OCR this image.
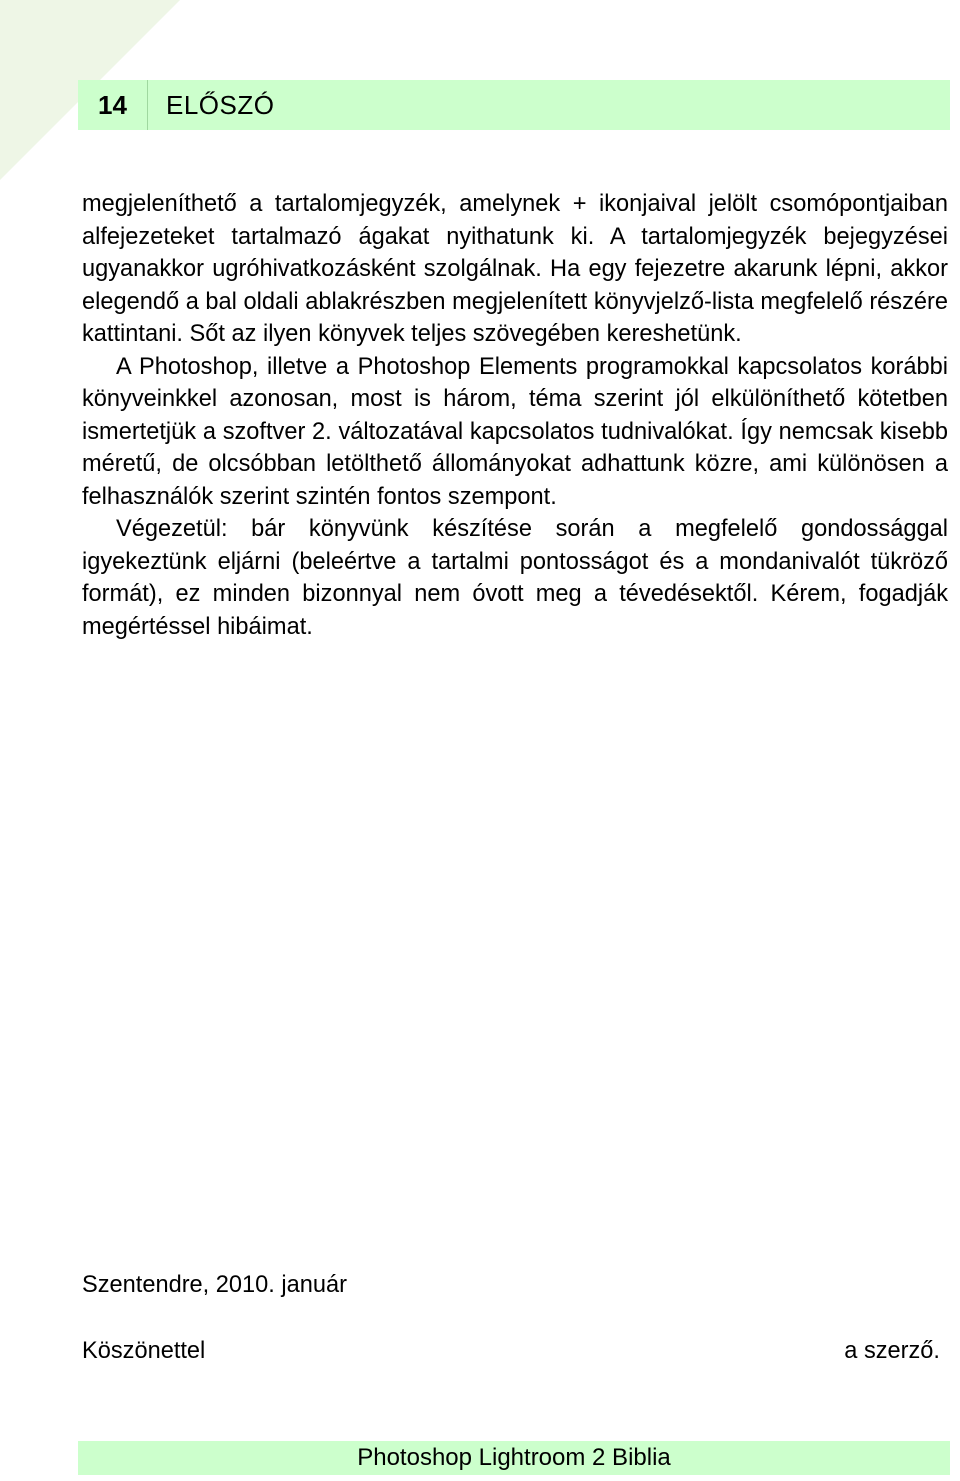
14	ELŐSZÓ

megjeleníthető a tartalomjegyzék, amelynek + ikonjaival jelölt csomópontjaiban alfejezeteket tartalmazó ágakat nyithatunk ki. A tartalomjegyzék bejegyzései ugyanakkor ugróhivatkozásként szolgálnak. Ha egy fejezetre akarunk lépni, akkor elegendő a bal oldali ablakrészben megjelenített könyvjelző-lista megfelelő részére kattintani. Sőt az ilyen könyvek teljes szövegében kereshetünk.

A Photoshop, illetve a Photoshop Elements programokkal kapcsolatos korábbi könyveinkkel azonosan, most is három, téma szerint jól elkülöníthető kötetben ismertetjük a szoftver 2. változatával kapcsolatos tudnivalókat. Így nemcsak kisebb méretű, de olcsóbban letölthető állományokat adhattunk közre, ami különösen a felhasználók szerint szintén fontos szempont.

Végezetül: bár könyvünk készítése során a megfelelő gondossággal igyekeztünk eljárni (beleértve a tartalmi pontosságot és a mondanivalót tükröző formát), ez minden bizonnyal nem óvott meg a tévedésektől. Kérem, fogadják megértéssel hibáimat.

Szentendre, 2010. január
Köszönettel	a szerző.
Photoshop Lightroom 2 Biblia
